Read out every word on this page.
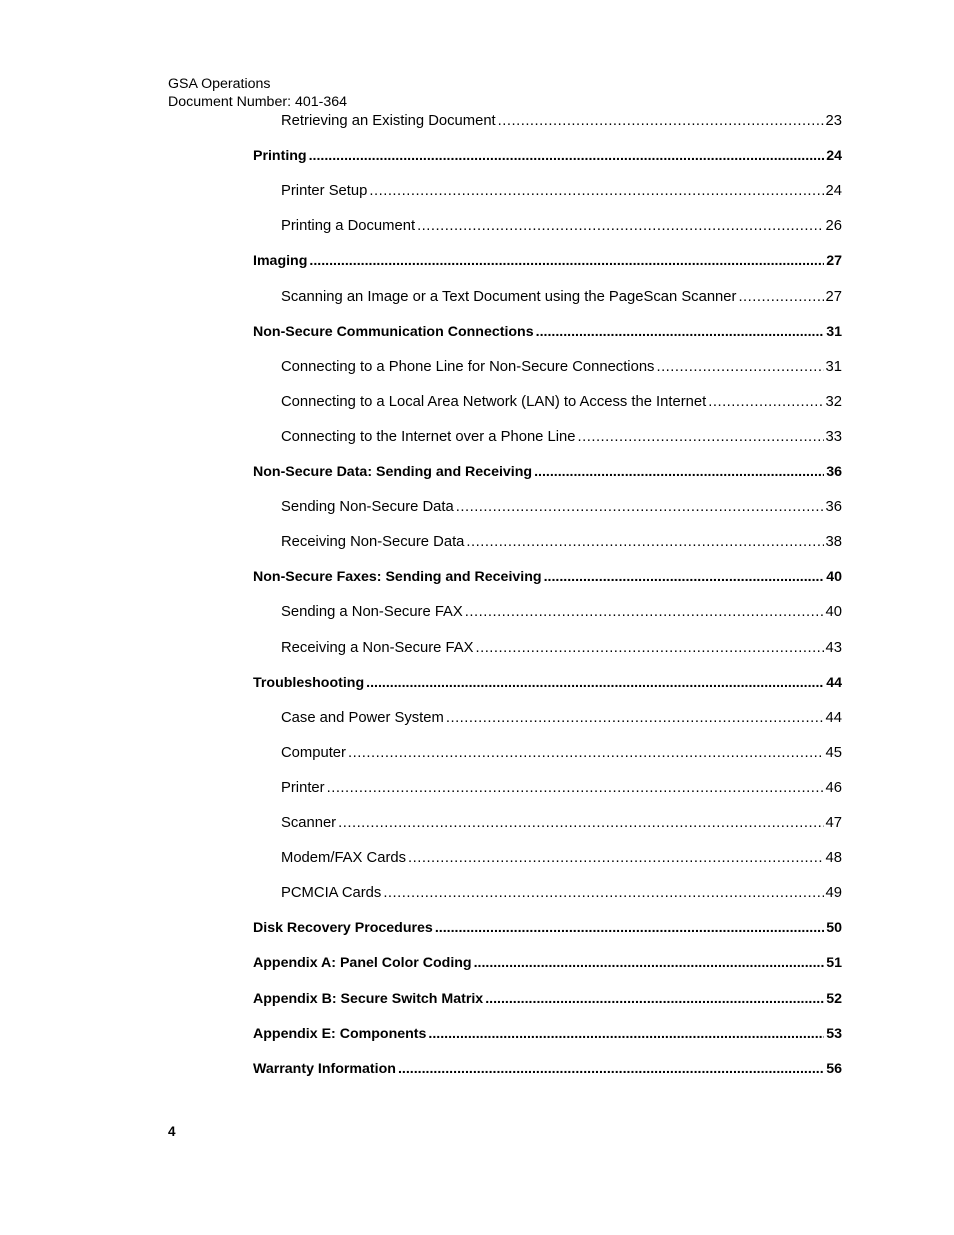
GSA Operations
Document Number: 401-364
Retrieving an Existing Document .....	23
Printing .....	24
Printer Setup .....	24
Printing a Document .....	26
Imaging .....	27
Scanning an Image or a Text Document using the PageScan Scanner .....	27
Non-Secure Communication Connections .....	31
Connecting to a Phone Line for Non-Secure Connections .....	31
Connecting to a Local Area Network (LAN) to Access the Internet .....	32
Connecting to the Internet over a Phone Line .....	33
Non-Secure Data: Sending and Receiving .....	36
Sending Non-Secure Data .....	36
Receiving Non-Secure Data .....	38
Non-Secure Faxes: Sending and Receiving .....	40
Sending a Non-Secure FAX .....	40
Receiving a Non-Secure FAX .....	43
Troubleshooting .....	44
Case and Power System .....	44
Computer .....	45
Printer .....	46
Scanner .....	47
Modem/FAX Cards .....	48
PCMCIA Cards .....	49
Disk Recovery Procedures .....	50
Appendix A: Panel Color Coding .....	51
Appendix B: Secure Switch Matrix .....	52
Appendix E: Components .....	53
Warranty Information .....	56
4
